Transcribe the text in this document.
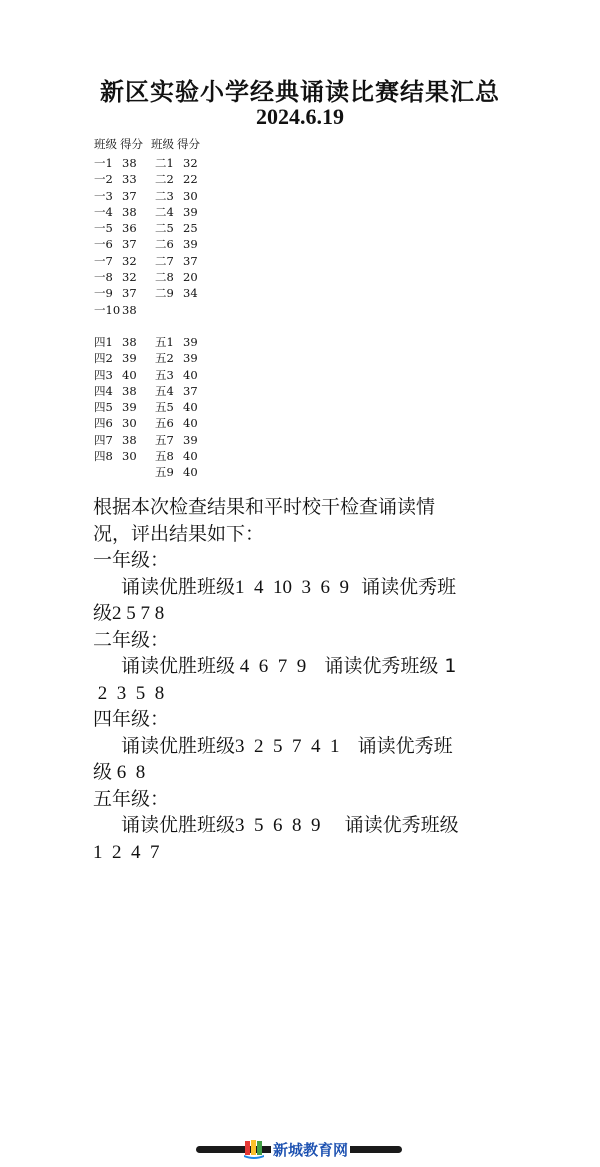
新区实验小学经典诵读比赛结果汇总
2024.6.19
班级 得分 班级 得分
一1 38
一2 33
一3 37
一4 38
一5 36
一6 37
一7 32
一8 32
一9 37
一10 38
二1 32
二2 22
二3 30
二4 39
二5 25
二6 39
二7 37
二8 20
二9 34
四1 38
四2 39
四3 40
四4 38
四5 39
四6 30
四7 38
四8 30
五1 39
五2 39
五3 40
五4 37
五5 40
五6 40
五7 39
五8 40
五9 40
根据本次检查结果和平时校干检查诵读情
况，评出结果如下：
一年级：
诵读优胜班级1  4  10  3  6  9  诵读优秀班
级2 5 7 8
二年级：
诵读优胜班级 4  6  7  9   诵读优秀班级 1
2  3  5  8
四年级：
诵读优胜班级3  2  5  7  4  1   诵读优秀班
级 6  8
五年级：
诵读优胜班级3  5  6  8  9    诵读优秀班级
1  2  4  7
新城教育网
